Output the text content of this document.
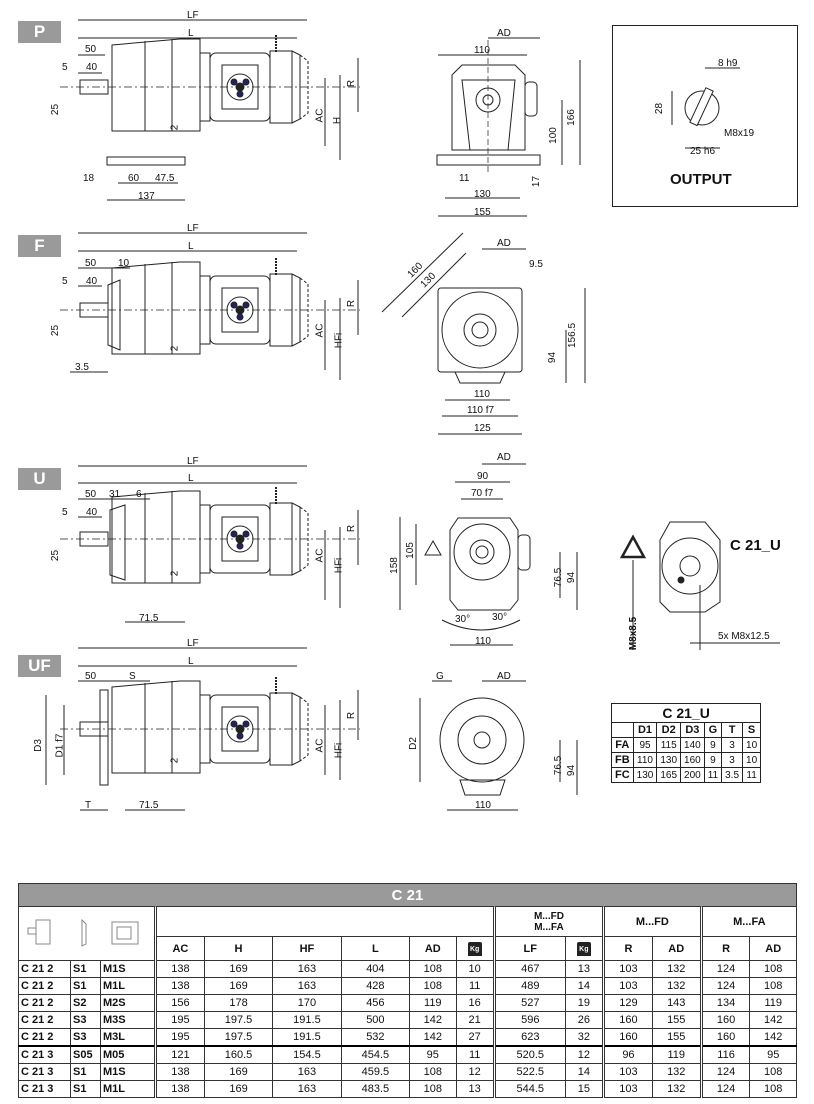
P
F
U
UF
LF
L
50
5 40
25
2
AC H
R
18	60 47.5
137
AD
110
166
100
11	17
130
155
8 h9
28
M8x19
25 h6
OUTPUT
LF
L
50 10
5 40
25
2
AC
HFi
R
3.5
160
130
AD
9.5
156.5
94
110
110 f7
125
LF
L
50 31 6
5 40
25
2
AC
HFi
R
71.5
AD
90
70 f7
158
105
76.5 94
30° 30°
110
C 21_U
M8x8.5	5x M8x12.5
LF
L
50	S
D3 D1 f7
2
AC HFi
R
T	71.5
G	AD
D2
76.5 94
110
C 21_U						
	D1	D2	D3	G	T	S
FA	95	115	140	9	3	10
FB	110	130	160	9	3	10
FC	130	165	200	11	3.5	11
C 21														
		M...FD
M...FA		M...FD		M...FA	
			AC	H	HF	L	AD	Kg	LF	Kg	R	AD	R	AD
C 21 2	S1	M1S	138	169	163	404	108	10	467	13	103	132	124	108
C 21 2	S1	M1L	138	169	163	428	108	11	489	14	103	132	124	108
C 21 2	S2	M2S	156	178	170	456	119	16	527	19	129	143	134	119
C 21 2	S3	M3S	195	197.5	191.5	500	142	21	596	26	160	155	160	142
C 21 2	S3	M3L	195	197.5	191.5	532	142	27	623	32	160	155	160	142
C 21 3	S05	M05	121	160.5	154.5	454.5	95	11	520.5	12	96	119	116	95
C 21 3	S1	M1S	138	169	163	459.5	108	12	522.5	14	103	132	124	108
C 21 3	S1	M1L	138	169	163	483.5	108	13	544.5	15	103	132	124	108
